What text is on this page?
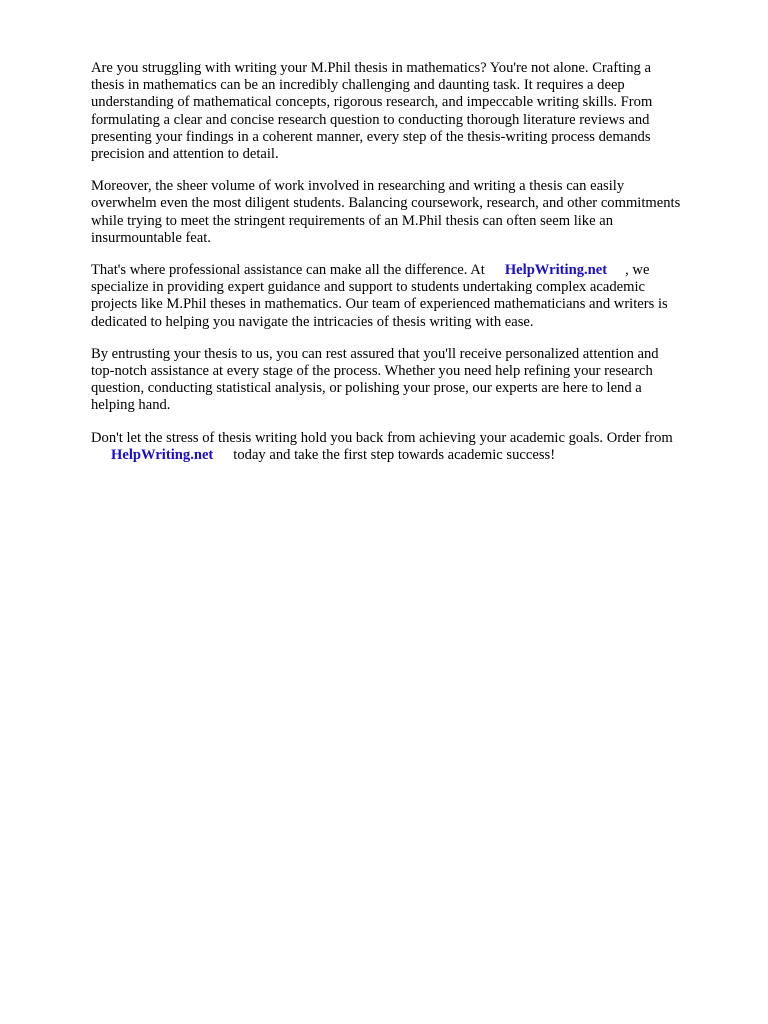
Are you struggling with writing your M.Phil thesis in mathematics? You're not alone. Crafting a
thesis in mathematics can be an incredibly challenging and daunting task. It requires a deep
understanding of mathematical concepts, rigorous research, and impeccable writing skills. From
formulating a clear and concise research question to conducting thorough literature reviews and
presenting your findings in a coherent manner, every step of the thesis-writing process demands
precision and attention to detail.

Moreover, the sheer volume of work involved in researching and writing a thesis can easily
overwhelm even the most diligent students. Balancing coursework, research, and other commitments
while trying to meet the stringent requirements of an M.Phil thesis can often seem like an
insurmountable feat.

That's where professional assistance can make all the difference. At HelpWriting.net , we
specialize in providing expert guidance and support to students undertaking complex academic
projects like M.Phil theses in mathematics. Our team of experienced mathematicians and writers is
dedicated to helping you navigate the intricacies of thesis writing with ease.

By entrusting your thesis to us, you can rest assured that you'll receive personalized attention and
top-notch assistance at every stage of the process. Whether you need help refining your research
question, conducting statistical analysis, or polishing your prose, our experts are here to lend a
helping hand.

Don't let the stress of thesis writing hold you back from achieving your academic goals. Order from
HelpWriting.net today and take the first step towards academic success!
